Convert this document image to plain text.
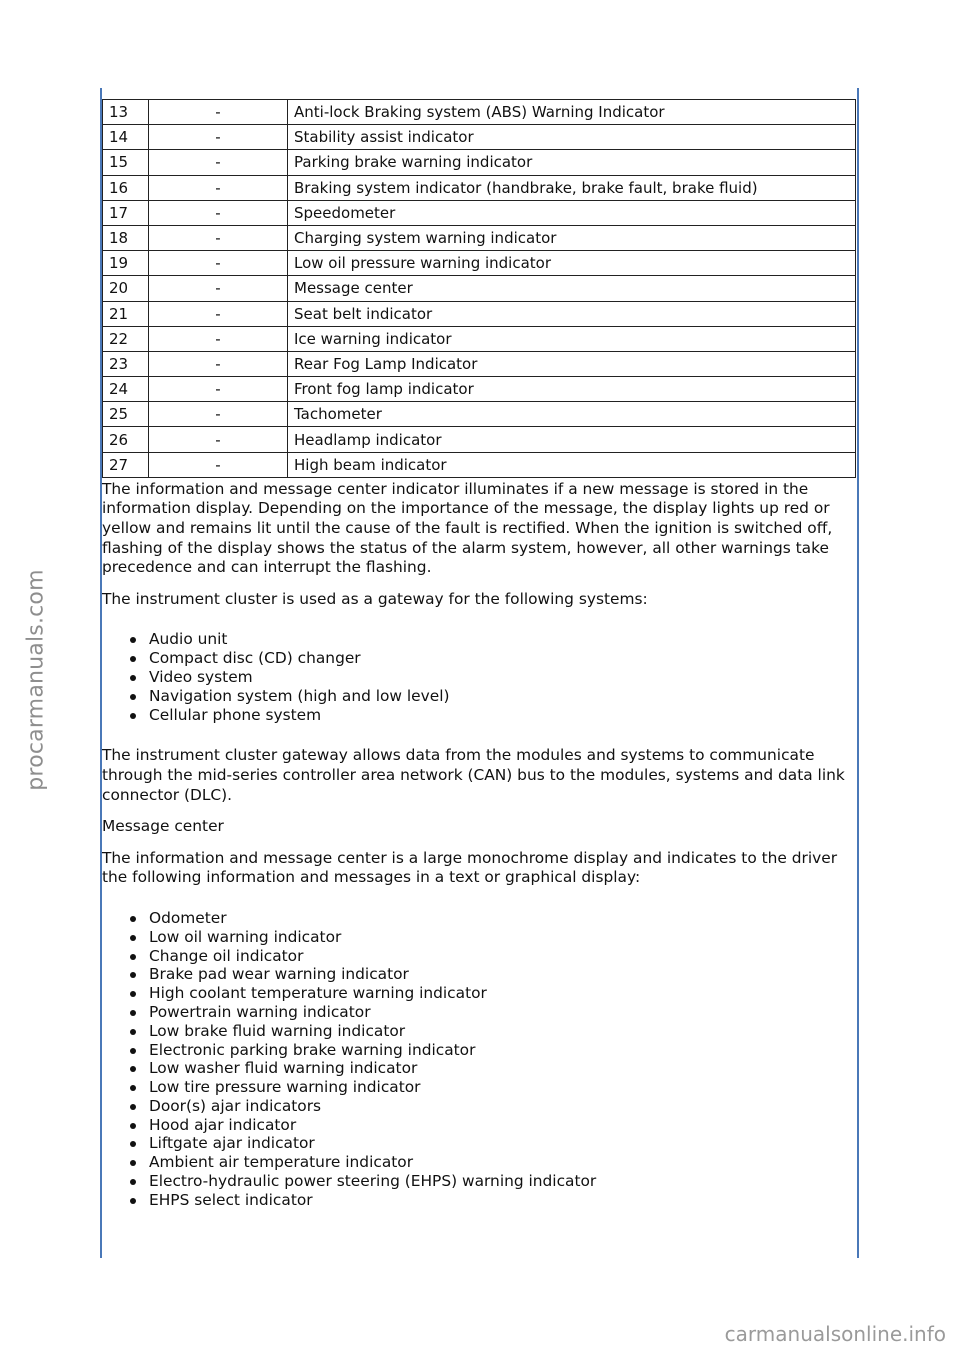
procarmanuals.com
13	-	Anti-lock Braking system (ABS) Warning Indicator
14	-	Stability assist indicator
15	-	Parking brake warning indicator
16	-	Braking system indicator (handbrake, brake fault, brake fluid)
17	-	Speedometer
18	-	Charging system warning indicator
19	-	Low oil pressure warning indicator
20	-	Message center
21	-	Seat belt indicator
22	-	Ice warning indicator
23	-	Rear Fog Lamp Indicator
24	-	Front fog lamp indicator
25	-	Tachometer
26	-	Headlamp indicator
27	-	High beam indicator

The information and message center indicator illuminates if a new message is stored in the information display. Depending on the importance of the message, the display lights up red or yellow and remains lit until the cause of the fault is rectified. When the ignition is switched off, flashing of the display shows the status of the alarm system, however, all other warnings take precedence and can interrupt the flashing.

The instrument cluster is used as a gateway for the following systems:

Audio unit
Compact disc (CD) changer
Video system
Navigation system (high and low level)
Cellular phone system

The instrument cluster gateway allows data from the modules and systems to communicate through the mid-series controller area network (CAN) bus to the modules, systems and data link connector (DLC).

Message center

The information and message center is a large monochrome display and indicates to the driver the following information and messages in a text or graphical display:

Odometer
Low oil warning indicator
Change oil indicator
Brake pad wear warning indicator
High coolant temperature warning indicator
Powertrain warning indicator
Low brake fluid warning indicator
Electronic parking brake warning indicator
Low washer fluid warning indicator
Low tire pressure warning indicator
Door(s) ajar indicators
Hood ajar indicator
Liftgate ajar indicator
Ambient air temperature indicator
Electro-hydraulic power steering (EHPS) warning indicator
EHPS select indicator
carmanualsonline.info
